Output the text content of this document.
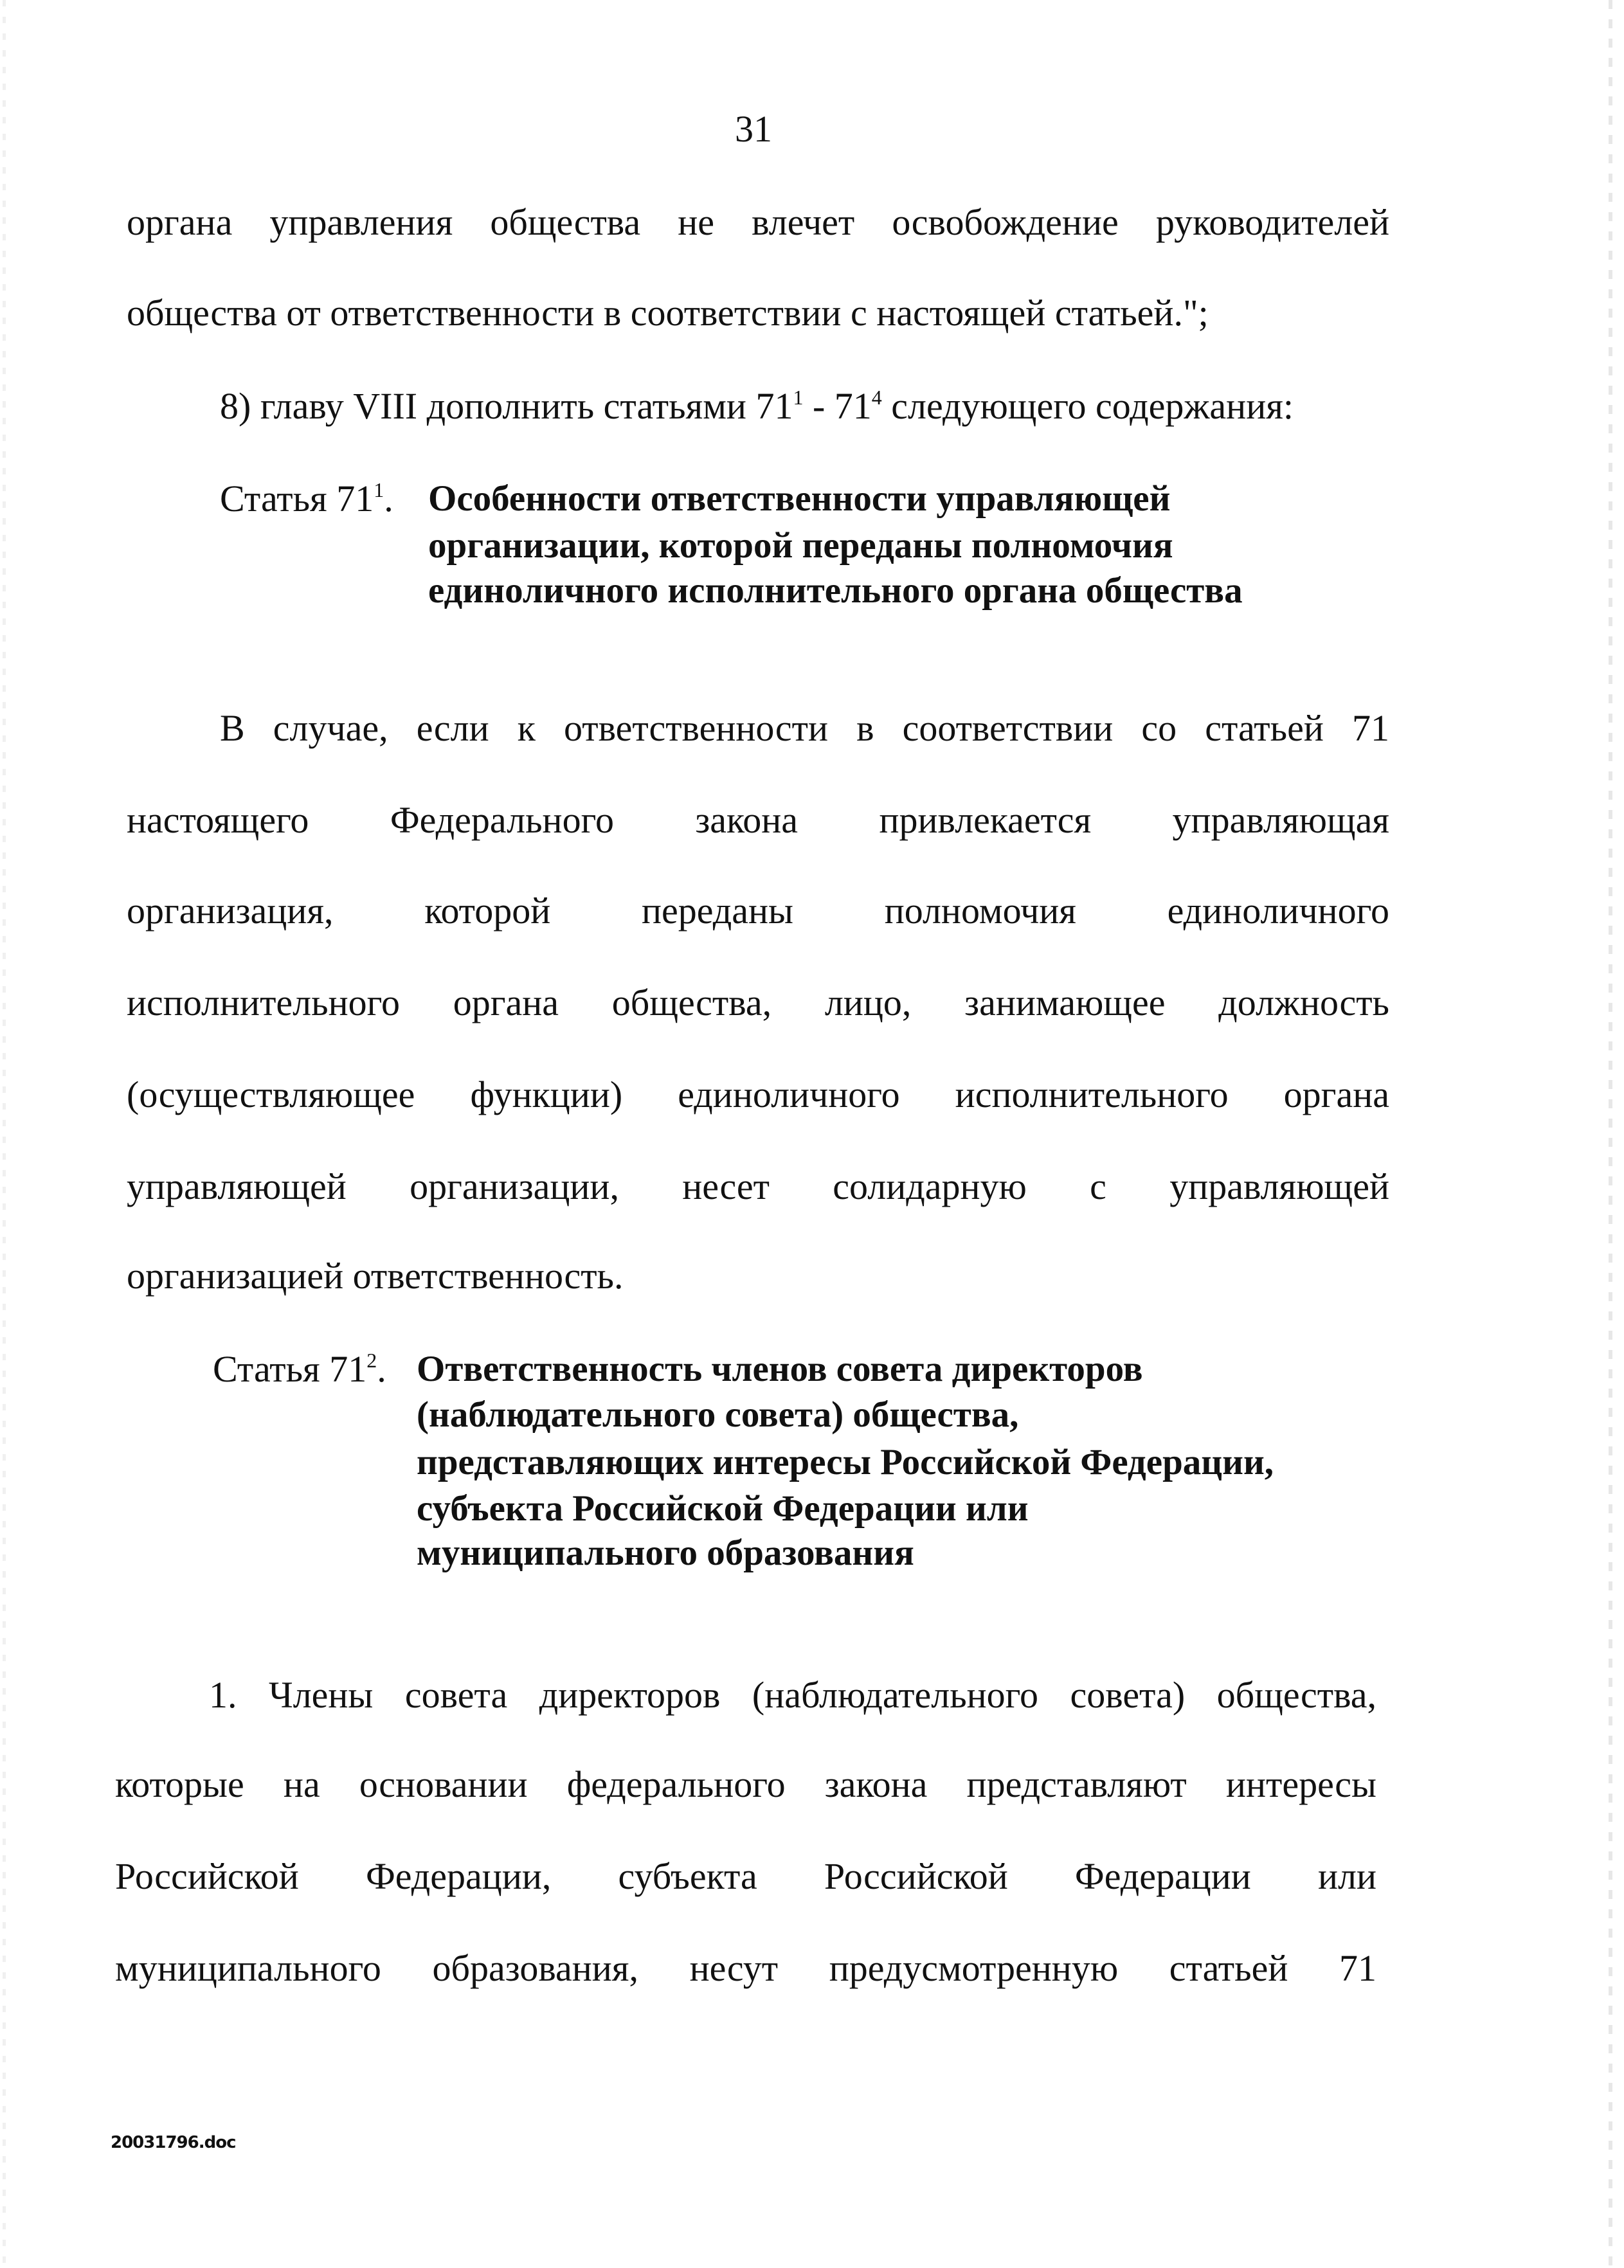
31
органа управления общества не влечет освобождение руководителей
общества от ответственности в соответствии с настоящей статьей.";
8) главу VIII дополнить статьями $71^1 - 71^4$ следующего содержания:
Статья $71^1$. Особенности ответственности управляющей
организации, которой переданы полномочия
единоличного исполнительного органа общества
В случае, если к ответственности в соответствии со статьей 71
настоящего Федерального закона привлекается управляющая
организация, которой переданы полномочия единоличного
исполнительного органа общества, лицо, занимающее должность
(осуществляющее функции) единоличного исполнительного органа
управляющей организации, несет солидарную с управляющей
организацией ответственность.
Статья $71^2$. Ответственность членов совета директоров
(наблюдательного совета) общества,
представляющих интересы Российской Федерации,
субъекта Российской Федерации или
муниципального образования
1. Члены совета директоров (наблюдательного совета) общества,
которые на основании федерального закона представляют интересы
Российской Федерации, субъекта Российской Федерации или
муниципального образования, несут предусмотренную статьей 71
20031796.doc
